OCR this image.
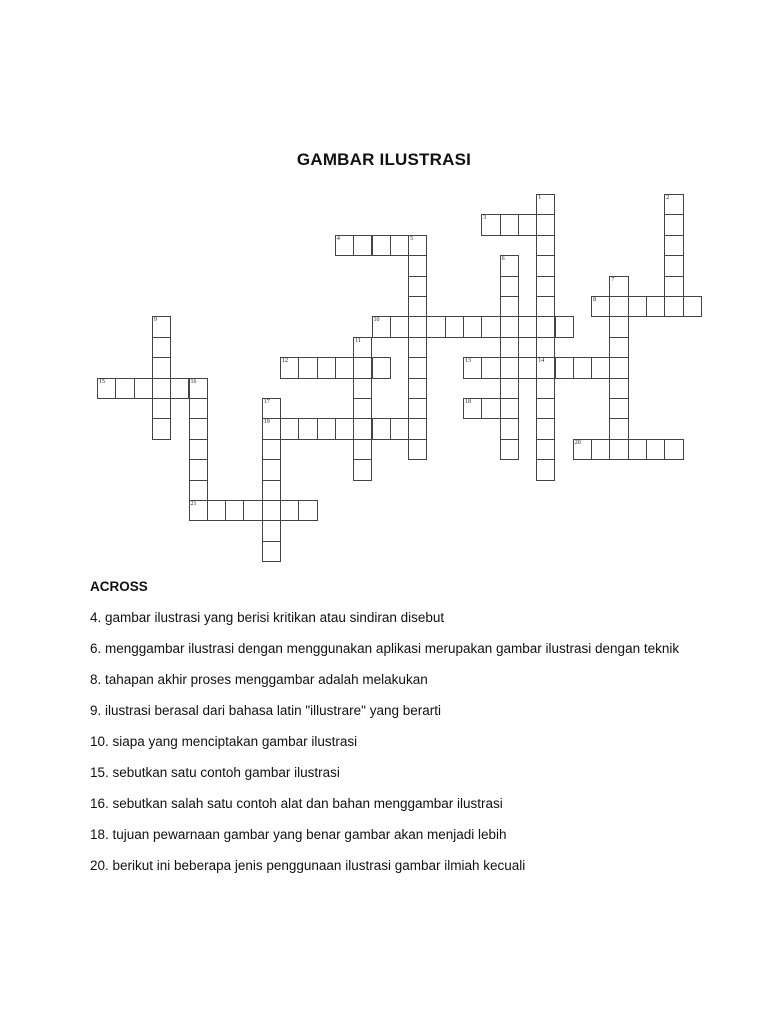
GAMBAR ILUSTRASI
1
14
2
3
4	5
6
7
8
9	10
11
12	13
15	16
21
17
19
18
20
ACROSS
4. gambar ilustrasi yang berisi kritikan atau sindiran disebut
6. menggambar ilustrasi dengan menggunakan aplikasi merupakan gambar ilustrasi dengan teknik
8. tahapan akhir proses menggambar adalah melakukan
9. ilustrasi berasal dari bahasa latin "illustrare" yang berarti
10. siapa yang menciptakan gambar ilustrasi
15. sebutkan satu contoh gambar ilustrasi
16. sebutkan salah satu contoh alat dan bahan menggambar ilustrasi
18. tujuan pewarnaan gambar yang benar gambar akan menjadi lebih
20. berikut ini beberapa jenis penggunaan ilustrasi gambar ilmiah kecuali
